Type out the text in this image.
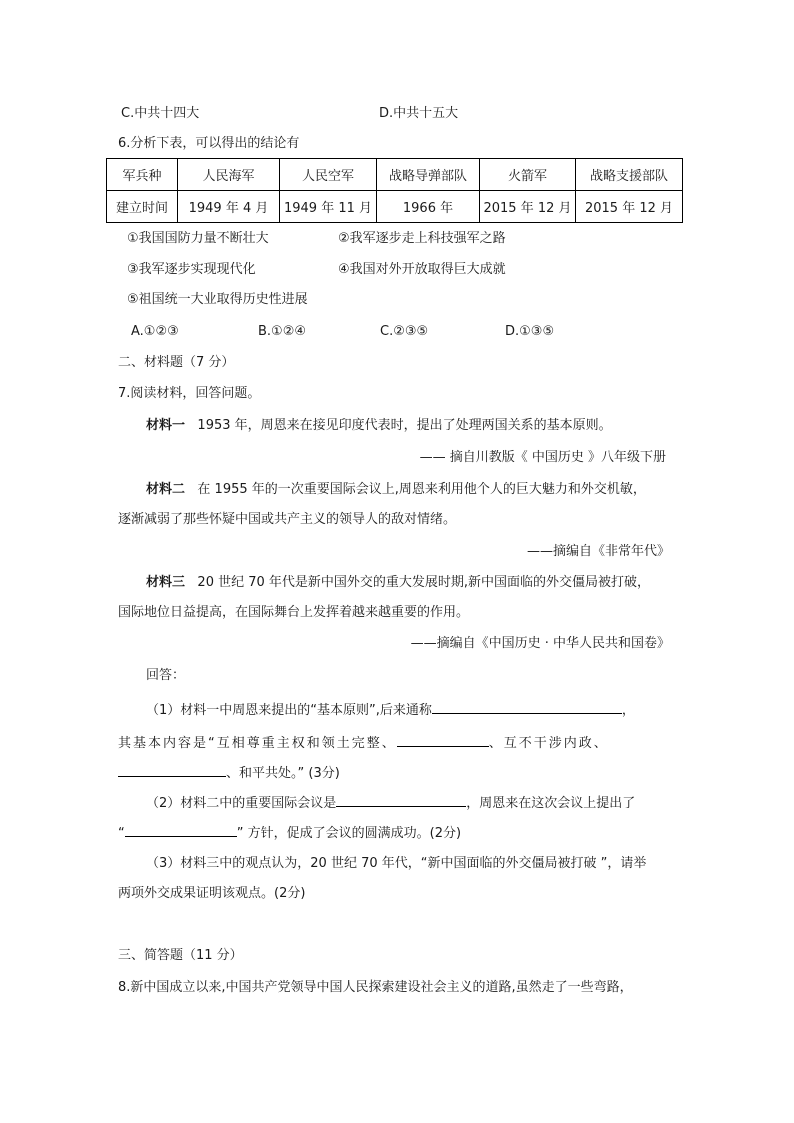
C.中共十四大	D.中共十五大
6.分析下表，可以得出的结论有
军兵种	人民海军	人民空军	战略导弹部队	火箭军	战略支援部队
建立时间	1949 年 4 月	1949 年 11 月	1966 年	2015 年 12 月	2015 年 12 月
①我国国防力量不断壮大	②我军逐步走上科技强军之路
③我军逐步实现现代化	④我国对外开放取得巨大成就
⑤祖国统一大业取得历史性进展
A.①②③	B.①②④	C.②③⑤	D.①③⑤
二、材料题（7 分）
7.阅读材料，回答问题。
材料一 1953 年，周恩来在接见印度代表时，提出了处理两国关系的基本原则。
—— 摘自川教版《 中国历史 》八年级下册
材料二 在 1955 年的一次重要国际会议上,周恩来利用他个人的巨大魅力和外交机敏，
逐渐减弱了那些怀疑中国或共产主义的领导人的敌对情绪。
——摘编自《非常年代》
材料三 20 世纪 70 年代是新中国外交的重大发展时期,新中国面临的外交僵局被打破，
国际地位日益提高，在国际舞台上发挥着越来越重要的作用。
——摘编自《中国历史 · 中华人民共和国卷》
回答：
（1）材料一中周恩来提出的“基本原则”,后来通称	，
其基本内容是“互相尊重主权和领土完整、	、互不干涉内政、
、和平共处。” (3分)
（2）材料二中的重要国际会议是	，周恩来在这次会议上提出了
“	” 方针，促成了会议的圆满成功。(2分)
（3）材料三中的观点认为，20 世纪 70 年代，“新中国面临的外交僵局被打破 ”，请举
两项外交成果证明该观点。(2分)
三、简答题（11 分）
8.新中国成立以来,中国共产党领导中国人民探索建设社会主义的道路,虽然走了一些弯路，
